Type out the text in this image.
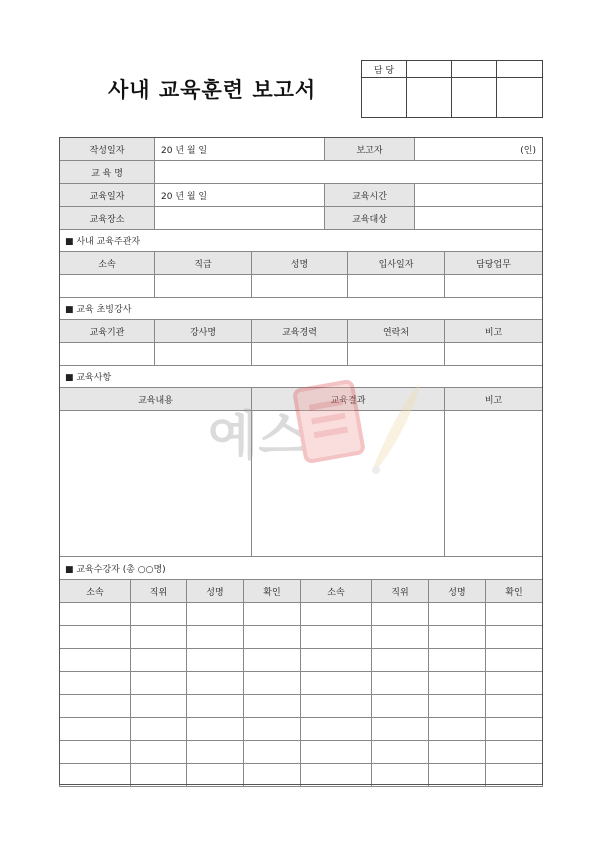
사내 교육훈련 보고서
담 당			

작성일자	20 년 월 일	보고자	(인)
교 육 명			
교육일자	20 년 월 일	교육시간	
교육장소		교육대상	
■ 사내 교육주관자				
소속	직급	성명	입사일자	담당업무

■ 교육 초빙강사				
교육기관	강사명	교육경력	연락처	비고

■ 교육사항		
교육내용	교육결과	비고

■ 교육수강자 (총 ○○명)							
소속	직위	성명	확인	소속	직위	성명	확인

예스
